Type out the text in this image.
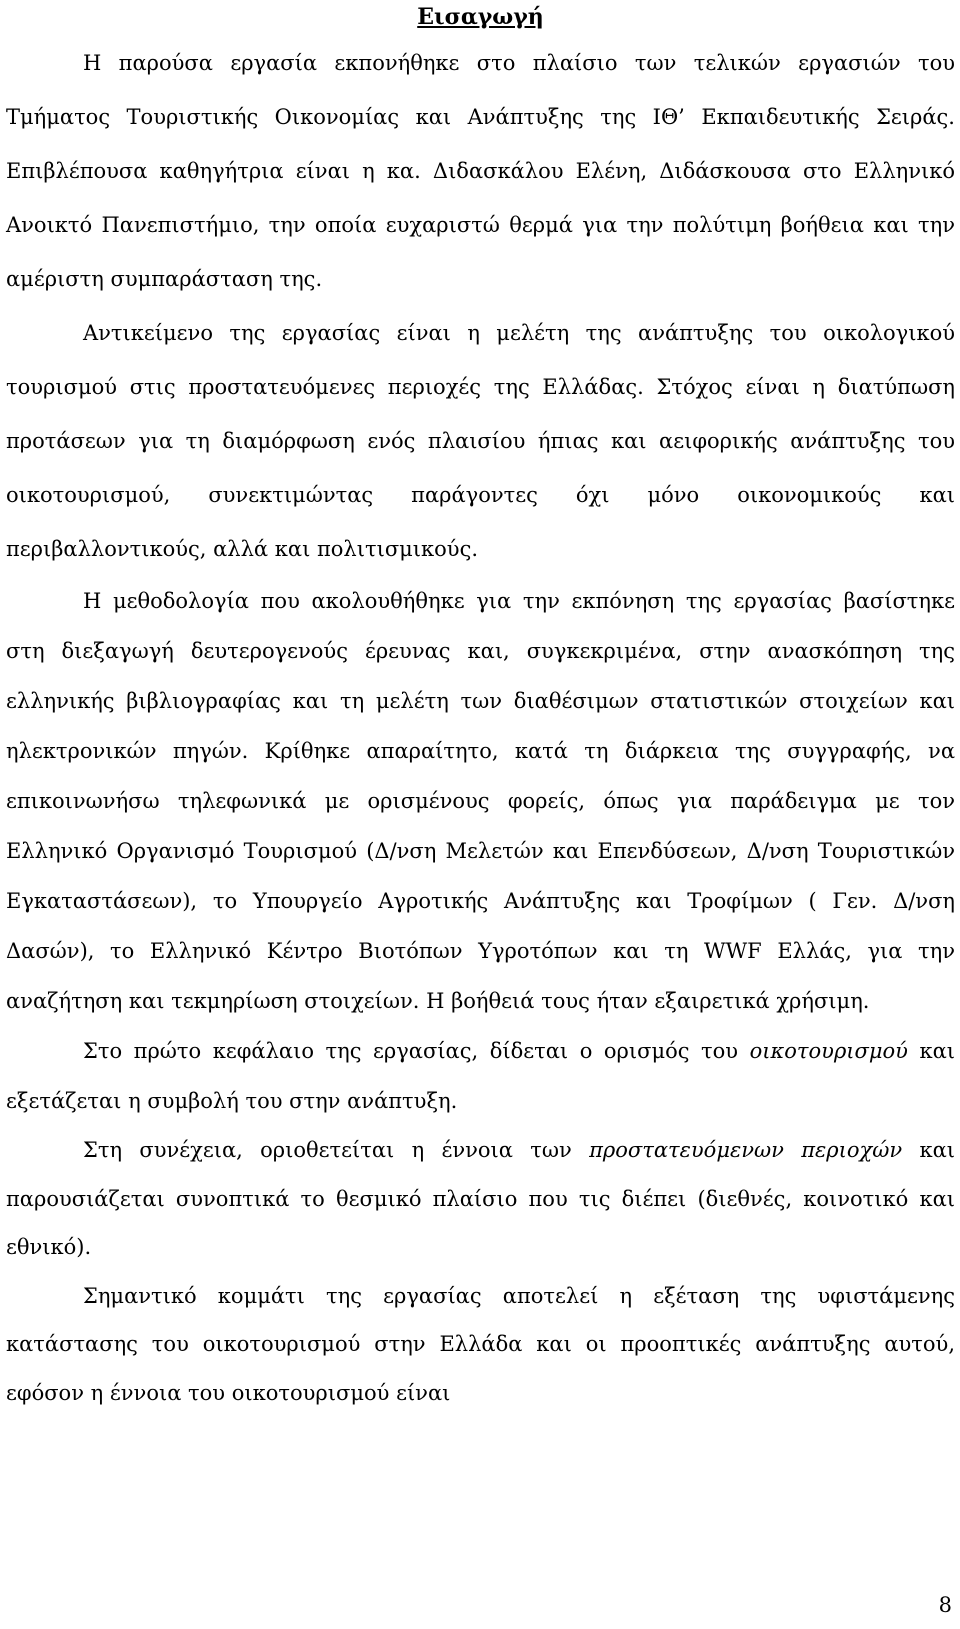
Εισαγωγή

Η παρούσα εργασία εκπονήθηκε στο πλαίσιο των τελικών εργασιών του Τμήματος Τουριστικής Οικονομίας και Ανάπτυξης της ΙΘ’ Εκπαιδευτικής Σειράς. Επιβλέπουσα καθηγήτρια είναι η κα. Διδασκάλου Ελένη, Διδάσκουσα στο Ελληνικό Ανοικτό Πανεπιστήμιο, την οποία ευχαριστώ θερμά για την πολύτιμη βοήθεια και την αμέριστη συμπαράσταση της.

Αντικείμενο της εργασίας είναι η μελέτη της ανάπτυξης του οικολογικού τουρισμού στις προστατευόμενες περιοχές της Ελλάδας. Στόχος είναι η διατύπωση προτάσεων για τη διαμόρφωση ενός πλαισίου ήπιας και αειφορικής ανάπτυξης του οικοτουρισμού, συνεκτιμώντας παράγοντες όχι μόνο οικονομικούς και περιβαλλοντικούς, αλλά και πολιτισμικούς.

Η μεθοδολογία που ακολουθήθηκε για την εκπόνηση της εργασίας βασίστηκε στη διεξαγωγή δευτερογενούς έρευνας και, συγκεκριμένα, στην ανασκόπηση της ελληνικής βιβλιογραφίας και τη μελέτη των διαθέσιμων στατιστικών στοιχείων και ηλεκτρονικών πηγών. Κρίθηκε απαραίτητο, κατά τη διάρκεια της συγγραφής, να επικοινωνήσω τηλεφωνικά με ορισμένους φορείς, όπως για παράδειγμα με τον Ελληνικό Οργανισμό Τουρισμού (Δ/νση Μελετών και Επενδύσεων, Δ/νση Τουριστικών Εγκαταστάσεων), το Υπουργείο Αγροτικής Ανάπτυξης και Τροφίμων ( Γεν. Δ/νση Δασών), το Ελληνικό Κέντρο Βιοτόπων Υγροτόπων και τη WWF Ελλάς, για την αναζήτηση και τεκμηρίωση στοιχείων. Η βοήθειά τους ήταν εξαιρετικά χρήσιμη.

Στο πρώτο κεφάλαιο της εργασίας, δίδεται ο ορισμός του οικοτουρισμού και εξετάζεται η συμβολή του στην ανάπτυξη.

Στη συνέχεια, οριοθετείται η έννοια των προστατευόμενων περιοχών και παρουσιάζεται συνοπτικά το θεσμικό πλαίσιο που τις διέπει (διεθνές, κοινοτικό και εθνικό).

Σημαντικό κομμάτι της εργασίας αποτελεί η εξέταση της υφιστάμενης κατάστασης του οικοτουρισμού στην Ελλάδα και οι προοπτικές ανάπτυξης αυτού, εφόσον η έννοια του οικοτουρισμού είναι

8
